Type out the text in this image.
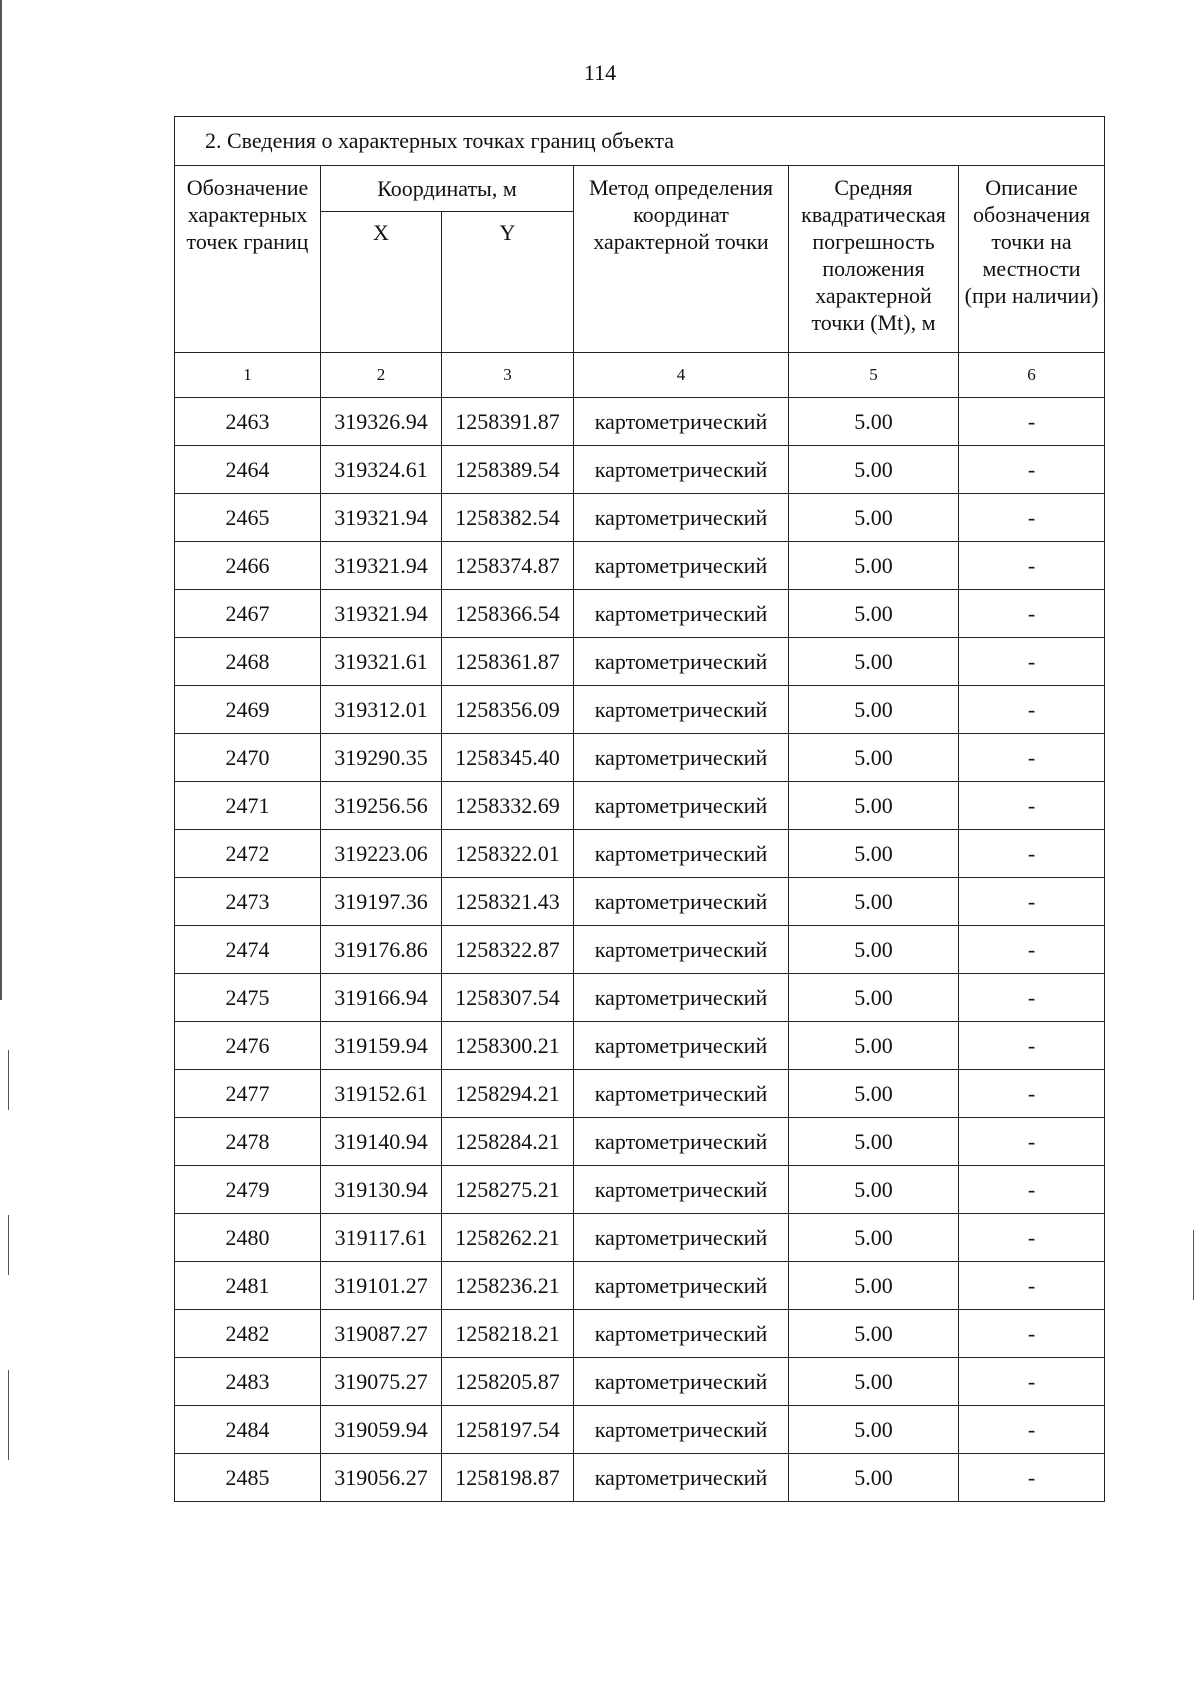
114
2. Сведения о характерных точках границ объекта					
Обозначение характерных точек границ	Координаты, м		Метод определения координат характерной точки	Средняя квадратическая погрешность положения характерной точки (Mt), м	Описание обозначения точки на местности (при наличии)
	X	Y			
1	2	3	4	5	6
2463	319326.94	1258391.87	картометрический	5.00	-
2464	319324.61	1258389.54	картометрический	5.00	-
2465	319321.94	1258382.54	картометрический	5.00	-
2466	319321.94	1258374.87	картометрический	5.00	-
2467	319321.94	1258366.54	картометрический	5.00	-
2468	319321.61	1258361.87	картометрический	5.00	-
2469	319312.01	1258356.09	картометрический	5.00	-
2470	319290.35	1258345.40	картометрический	5.00	-
2471	319256.56	1258332.69	картометрический	5.00	-
2472	319223.06	1258322.01	картометрический	5.00	-
2473	319197.36	1258321.43	картометрический	5.00	-
2474	319176.86	1258322.87	картометрический	5.00	-
2475	319166.94	1258307.54	картометрический	5.00	-
2476	319159.94	1258300.21	картометрический	5.00	-
2477	319152.61	1258294.21	картометрический	5.00	-
2478	319140.94	1258284.21	картометрический	5.00	-
2479	319130.94	1258275.21	картометрический	5.00	-
2480	319117.61	1258262.21	картометрический	5.00	-
2481	319101.27	1258236.21	картометрический	5.00	-
2482	319087.27	1258218.21	картометрический	5.00	-
2483	319075.27	1258205.87	картометрический	5.00	-
2484	319059.94	1258197.54	картометрический	5.00	-
2485	319056.27	1258198.87	картометрический	5.00	-
